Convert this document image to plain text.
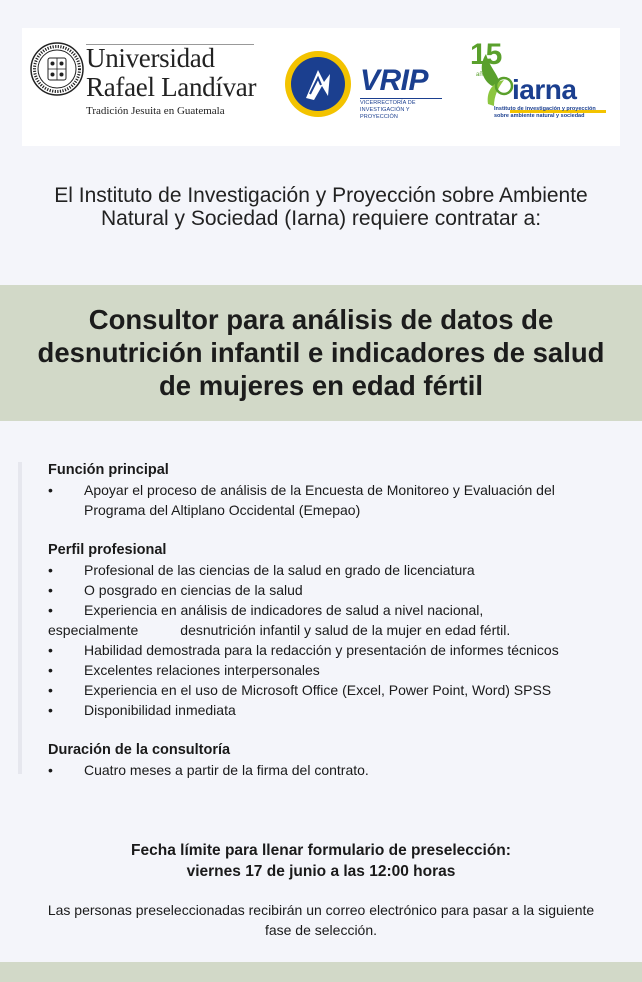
Universidad
Rafael Landívar
Tradición Jesuita en Guatemala
VRIP
VICERRECTORÍA DE INVESTIGACIÓN Y PROYECCIÓN
15
años iarna
Instituto de investigación y proyección sobre ambiente natural y sociedad
El Instituto de Investigación y Proyección sobre Ambiente Natural y Sociedad (Iarna) requiere contratar a:
Consultor para análisis de datos de desnutrición infantil e indicadores de salud de mujeres en edad fértil
Función principal
• Apoyar el proceso de análisis de la Encuesta de Monitoreo y Evaluación del Programa del Altiplano Occidental (Emepao)
Perfil profesional
• Profesional de las ciencias de la salud en grado de licenciatura
• O posgrado en ciencias de la salud
• Experiencia en análisis de indicadores de salud a nivel nacional,
especialmente	desnutrición infantil y salud de la mujer en edad fértil.
• Habilidad demostrada para la redacción y presentación de informes técnicos
• Excelentes relaciones interpersonales
• Experiencia en el uso de Microsoft Office (Excel, Power Point, Word) SPSS
• Disponibilidad inmediata
Duración de la consultoría
• Cuatro meses a partir de la firma del contrato.
Fecha límite para llenar formulario de preselección:
viernes 17 de junio a las 12:00 horas
Las personas preseleccionadas recibirán un correo electrónico para pasar a la siguiente fase de selección.
